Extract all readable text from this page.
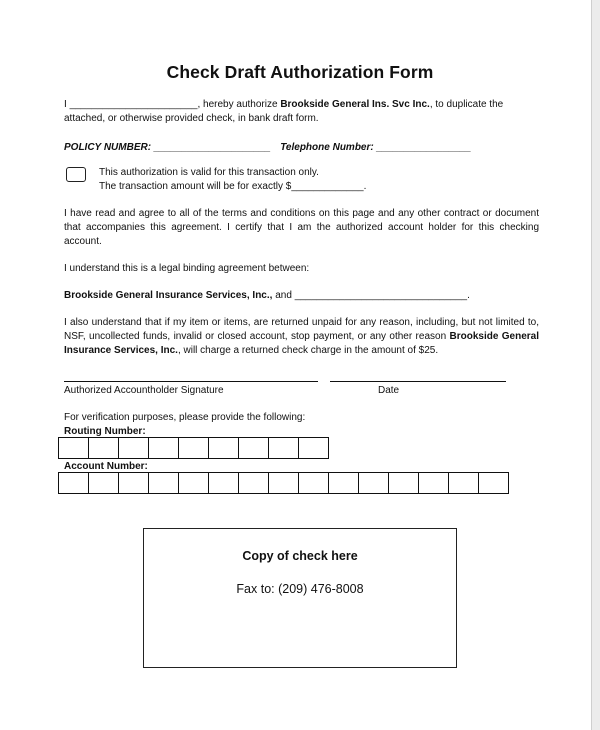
Check Draft Authorization Form
I _______________________, hereby authorize Brookside General Ins. Svc Inc., to duplicate the
attached, or otherwise provided check, in bank draft form.
POLICY NUMBER: _____________________ Telephone Number: _________________
This authorization is valid for this transaction only.
The transaction amount will be for exactly $_____________.
I have read and agree to all of the terms and conditions on this page and any other contract or document that accompanies this agreement. I certify that I am the authorized account holder for this checking account.
I understand this is a legal binding agreement between:
Brookside General Insurance Services, Inc., and _______________________________.
I also understand that if my item or items, are returned unpaid for any reason, including, but not limited to, NSF, uncollected funds, invalid or closed account, stop payment, or any other reason Brookside General Insurance Services, Inc., will charge a returned check charge in the amount of $25.
Authorized Accountholder Signature	Date
For verification purposes, please provide the following:
Routing Number:
Account Number:
Copy of check here
Fax to: (209) 476-8008
